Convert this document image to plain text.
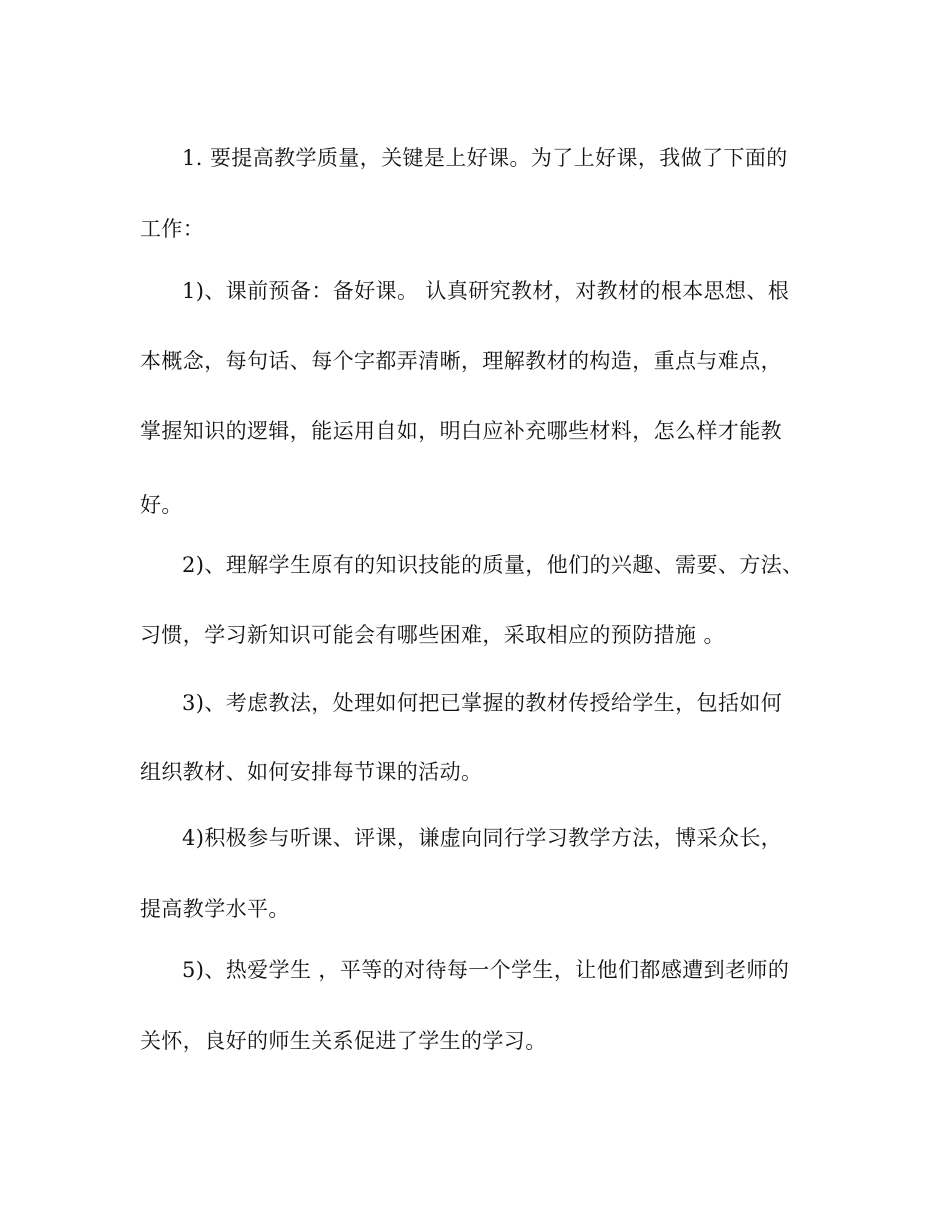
1. 要提高教学质量，关键是上好课。为了上好课，我做了下面的

工作：

1)、课前预备：备好课。 认真研究教材，对教材的根本思想、根

本概念，每句话、每个字都弄清晰，理解教材的构造，重点与难点，

掌握知识的逻辑，能运用自如，明白应补充哪些材料，怎么样才能教

好。

2)、理解学生原有的知识技能的质量，他们的兴趣、需要、方法、

习惯，学习新知识可能会有哪些困难，采取相应的预防措施 。

3)、考虑教法，处理如何把已掌握的教材传授给学生，包括如何

组织教材、如何安排每节课的活动。

4)积极参与听课、评课，谦虚向同行学习教学方法，博采众长，

提高教学水平。

5)、热爱学生 ，平等的对待每一个学生，让他们都感遭到老师的

关怀，良好的师生关系促进了学生的学习。
